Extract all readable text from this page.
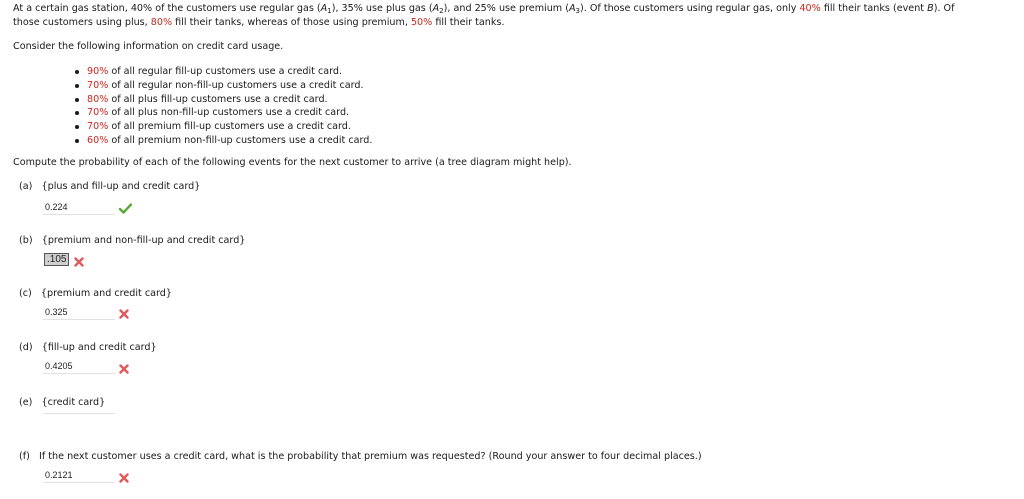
At a certain gas station, 40% of the customers use regular gas $(A_1)$, 35% use plus gas $(A_2)$, and 25% use premium $(A_3)$. Of those customers using regular gas, only 40% fill their tanks (event B). Of
those customers using plus, 80% fill their tanks, whereas of those using premium, 50% fill their tanks.
Consider the following information on credit card usage.
90% of all regular fill-up customers use a credit card.
70% of all regular non-fill-up customers use a credit card.
80% of all plus fill-up customers use a credit card.
70% of all plus non-fill-up customers use a credit card.
70% of all premium fill-up customers use a credit card.
60% of all premium non-fill-up customers use a credit card.
Compute the probability of each of the following events for the next customer to arrive (a tree diagram might help).
(a) {plus and fill-up and credit card}
0.224
(b) {premium and non-fill-up and credit card}
.105
(c) {premium and credit card}
0.325
(d) {fill-up and credit card}
0.4205
(e) {credit card}
(f) If the next customer uses a credit card, what is the probability that premium was requested? (Round your answer to four decimal places.)
0.2121
